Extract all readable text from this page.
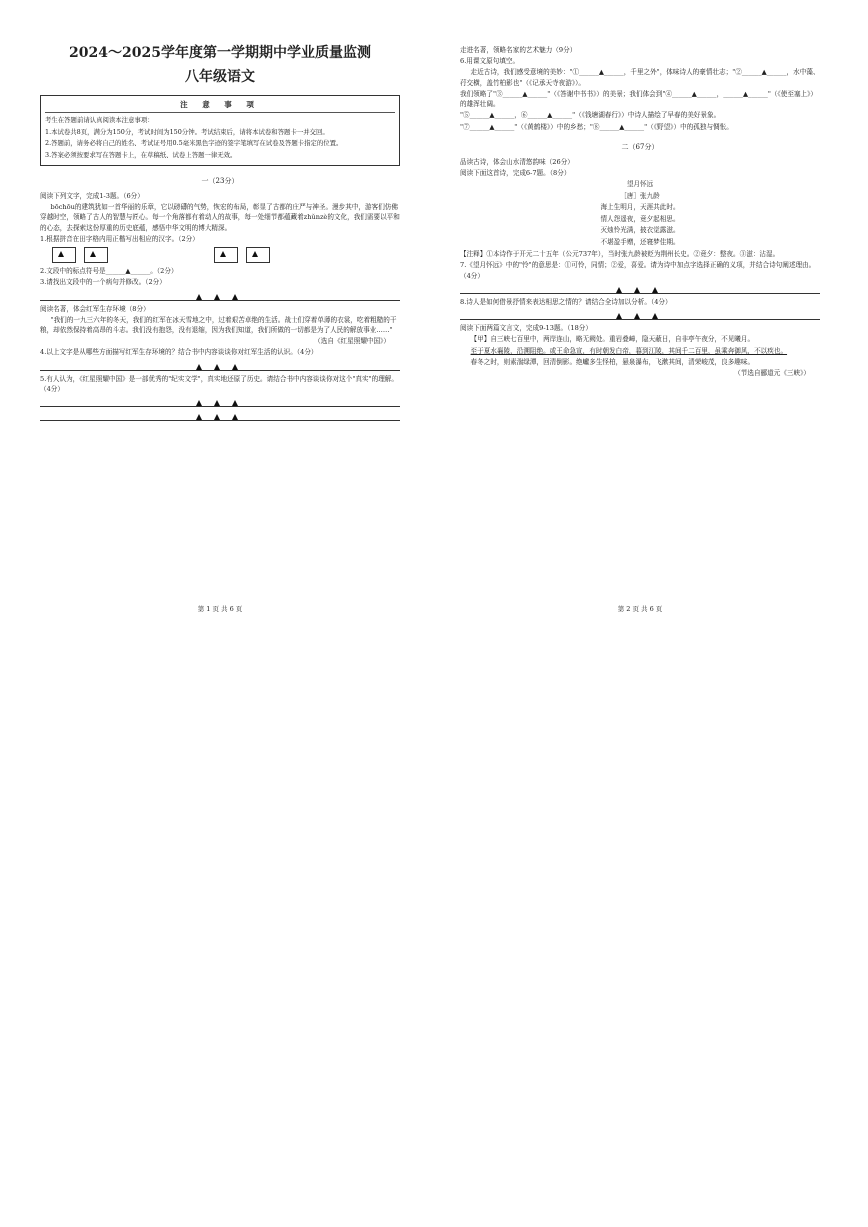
2024～2025学年度第一学期期中学业质量监测
八年级语文
注 意 事 项

考生在答题前请认真阅读本注意事项：

1.本试卷共8页，满分为150分，考试时间为150分钟。考试结束后，请将本试卷和答题卡一并交回。

2.答题前，请务必将自己的姓名、考试证号用0.5毫米黑色字迹的签字笔填写在试卷及答题卡指定的位置。

3.答案必须按要求写在答题卡上，在草稿纸、试卷上答题一律无效。

一（23分）

阅读下列文字，完成1-3题。（6分）

bōchōu的建筑犹如一首华丽的乐章，它以磅礴的气势，恢宏的布局，彰显了古都的庄严与神圣。漫步其中，游客们仿佛穿越时空，领略了古人的智慧与匠心。每一个角落都有着动人的故事，每一处细节都蕴藏着zhǔnzè的文化，我们需要以平和的心态，去探索这份厚重的历史底蕴，感悟中华文明的博大精深。

1.根据拼音在田字格内用正楷写出相应的汉字。（2分）

2.文段中的标点符号是______▲______。（2分）

3.请找出文段中的一个病句并修改。（2分）

阅读名著，体会红军生存环境（8分）

"我们的一九三六年的冬天，我们的红军在冰天雪地之中，过着艰苦卓绝的生活。战士们穿着单薄的衣裳，吃着粗糙的干粮，却依然保持着高昂的斗志。我们没有抱怨，没有退缩，因为我们知道，我们所做的一切都是为了人民的解放事业……"

（选自《红星照耀中国》）

4.以上文字是从哪些方面描写红军生存环境的？结合书中内容谈谈你对红军生活的认识。（4分）

5.有人认为，《红星照耀中国》是一部优秀的"纪实文学"，真实地还原了历史。请结合书中内容谈谈你对这个"真实"的理解。（4分）

第 1 页 共 6 页

走进名著，领略名家的艺术魅力（9分）

6.用课文原句填空。

走近古诗，我们感受意境的美妙："①______▲______，千里之外"，体味诗人的豪情壮志；"②______▲______，水中藻、荇交横，盖竹柏影也"（《记承天寺夜游》）。

我们领略了"③______▲______"（《答谢中书书》）的美景；我们体会到"④______▲______，______▲______"（《使至塞上》）的雄浑壮阔。

"⑤______▲______，⑥______▲______"（《钱塘湖春行》）中诗人描绘了早春的美好景象。

"⑦______▲______"（《黄鹤楼》）中的乡愁；"⑧______▲______"（《野望》）中的孤独与惆怅。

二（67分）

品读古诗，体会山水清悠韵味（26分）

阅读下面这首诗，完成6-7题。（8分）

望月怀远
［唐］张九龄
海上生明月，天涯共此时。
情人怨遥夜，竟夕起相思。
灭烛怜光满，披衣觉露滋。
不堪盈手赠，还寝梦佳期。

【注释】①本诗作于开元二十五年（公元737年），当时张九龄被贬为荆州长史。②竟夕：整夜。③滋：沾湿。

7.《望月怀远》中的"怜"的意思是：①可怜，同情；②爱，喜爱。请为诗中加点字选择正确的义项，并结合诗句阐述理由。（4分）

8.诗人是如何借景抒情来表达相思之情的？请结合全诗加以分析。（4分）

阅读下面两篇文言文，完成9-13题。（18分）

【甲】自三峡七百里中，两岸连山，略无阙处。重岩叠嶂，隐天蔽日，自非亭午夜分，不见曦月。

至于夏水襄陵，沿溯阻绝。或王命急宣，有时朝发白帝，暮到江陵，其间千二百里，虽乘奔御风，不以疾也。

春冬之时，则素湍绿潭，回清倒影。绝巘多生怪柏，悬泉瀑布，飞漱其间，清荣峻茂，良多趣味。

（节选自郦道元《三峡》）

第 2 页 共 6 页
